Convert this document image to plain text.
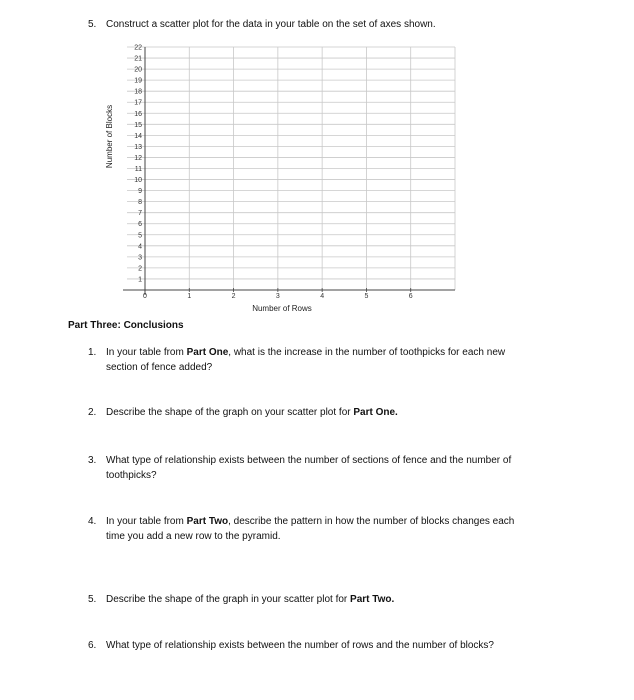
5. Construct a scatter plot for the data in your table on the set of axes shown.
1
2
3
4
5
6
7
8
9
10
11
12
13
14
15
16
17
18
19
20
21
22
0	1	2	3	4	5	6
Number of Rows
Number of Blocks
Part Three: Conclusions
1. In your table from Part One, what is the increase in the number of toothpicks for each new
section of fence added?
2. Describe the shape of the graph on your scatter plot for Part One.
3. What type of relationship exists between the number of sections of fence and the number of
toothpicks?
4. In your table from Part Two, describe the pattern in how the number of blocks changes each
time you add a new row to the pyramid.
5. Describe the shape of the graph in your scatter plot for Part Two.
6. What type of relationship exists between the number of rows and the number of blocks?
